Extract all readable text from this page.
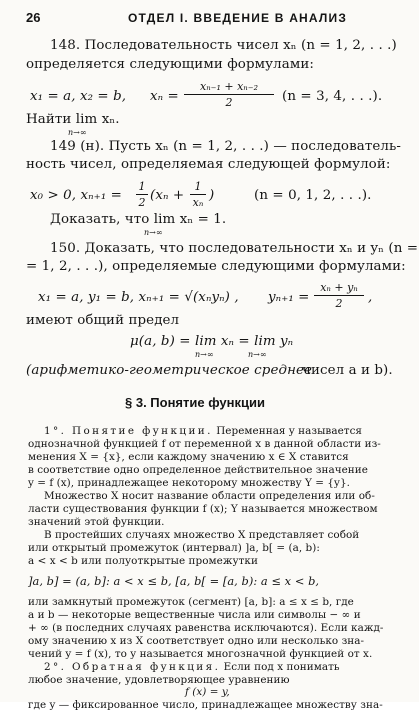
26	ОТДЕЛ I. ВВЕДЕНИЕ В АНАЛИЗ
148. Последовательность чисел xₙ (n = 1, 2, . . .)
определяется следующими формулами:
x₁ = a, x₂ = b, xₙ =
xₙ₋₁ + xₙ₋₂
2	(n = 3, 4, . . .).
Найти lim xₙ.
n→∞
149 (н). Пусть xₙ (n = 1, 2, . . .) — последователь-
ность чисел, определяемая следующей формулой:
x₀ > 0, xₙ₊₁ =
1
2 (xₙ +
1
xₙ )	(n = 0, 1, 2, . . .).
Доказать, что lim xₙ = 1.
n→∞
150. Доказать, что последовательности xₙ и yₙ (n =
= 1, 2, . . .), определяемые следующими формулами:
x₁ = a, y₁ = b, xₙ₊₁ = √(xₙyₙ) , yₙ₊₁ =
xₙ + yₙ
2	,
имеют общий предел
μ(a, b) = lim xₙ = lim yₙ
n→∞	n→∞
(арифметико-геометрическое среднее
чисел a и b).
§ 3. Понятие функции
1°. Понятие функции. Переменная y называется
однозначной функцией f от переменной x в данной области из-
менения X = {x}, если каждому значению x ∈ X ставится
в соответствие одно определенное действительное значение
y = f (x), принадлежащее некоторому множеству Y = {y}.
Множество X носит название области определения или об-
ласти существования функции f (x); Y называется множеством
значений этой функции.
В простейших случаях множество X представляет собой
или открытый промежуток (интервал) ]a, b[ = (a, b):
a < x < b или полуоткрытые промежутки
]a, b] = (a, b]: a < x ≤ b, [a, b[ = [a, b): a ≤ x < b,
или замкнутый промежуток (сегмент) [a, b]: a ≤ x ≤ b, где
a и b — некоторые вещественные числа или символы − ∞ и
+ ∞ (в последних случаях равенства исключаются). Если кажд-
ому значению x из X соответствует одно или несколько зна-
чений y = f (x), то y называется многозначной функцией от x.
2°. Обратная функция. Если под x понимать
любое значение, удовлетворяющее уравнению
f (x) = y,
где y — фиксированное число, принадлежащее множеству зна-
